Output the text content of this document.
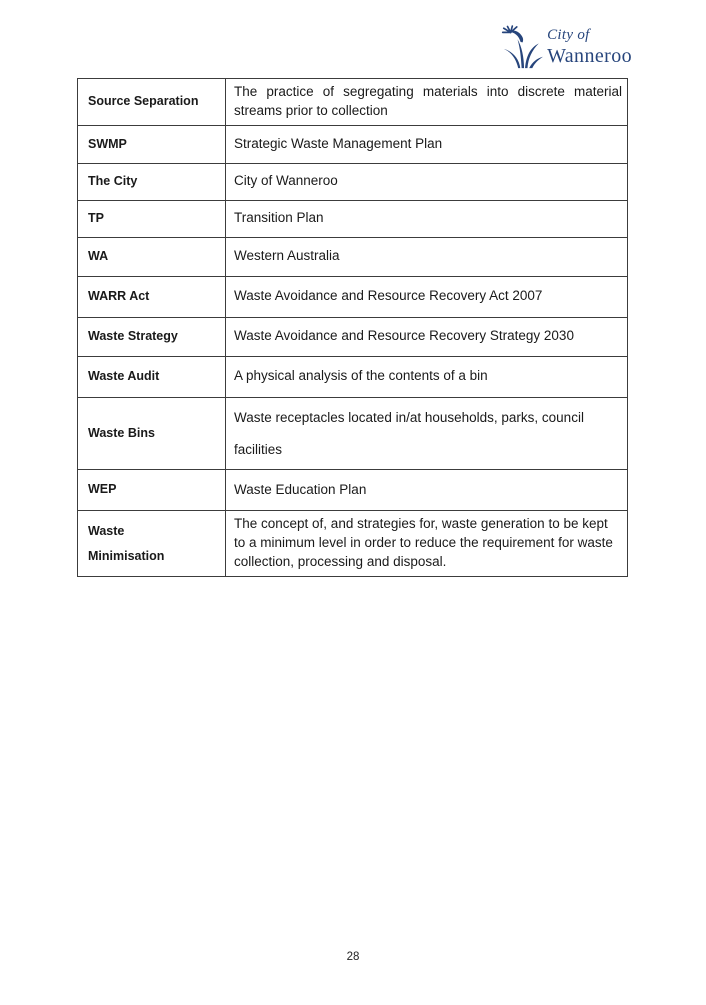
City of
Wanneroo
Source Separation	The practice of segregating materials into discrete material streams prior to collection
SWMP	Strategic Waste Management Plan
The City	City of Wanneroo
TP	Transition Plan
WA	Western Australia
WARR Act	Waste Avoidance and Resource Recovery Act 2007
Waste Strategy	Waste Avoidance and Resource Recovery Strategy 2030
Waste Audit	A physical analysis of the contents of a bin
Waste Bins	Waste receptacles located in/at households, parks, council facilities
WEP	Waste Education Plan

Waste Minimisation	The concept of, and strategies for, waste generation to be kept to a minimum level in order to reduce the requirement for waste collection, processing and disposal.
28
